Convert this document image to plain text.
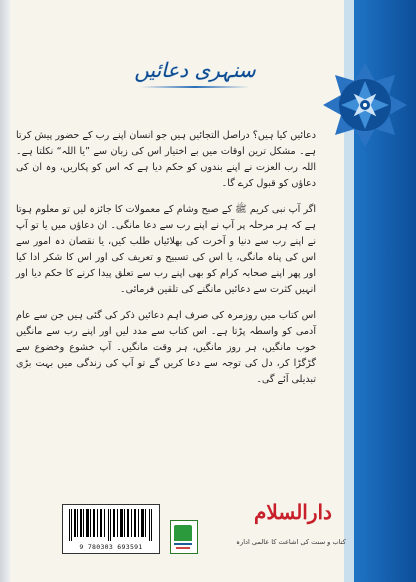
سنہری دعائیں

دعائیں کیا ہیں؟ دراصل التجائیں ہیں جو انسان اپنے رب کے حضور پیش کرتا ہے۔ مشکل ترین اوقات میں بے اختیار اس کی زبان سے ”یا اللہ“ نکلتا ہے۔ اللہ رب العزت نے اپنے بندوں کو حکم دیا ہے کہ اس کو پکاریں، وہ ان کی دعاؤں کو قبول کرے گا۔

اگر آپ نبی کریم ﷺ کے صبح وشام کے معمولات کا جائزہ لیں تو معلوم ہوتا ہے کہ ہر مرحلہ پر آپ نے اپنے رب سے دعا مانگی۔ ان دعاؤں میں یا تو آپ نے اپنے رب سے دنیا و آخرت کی بھلائیاں طلب کیں، یا نقصان دہ امور سے اس کی پناہ مانگی، یا اس کی تسبیح و تعریف کی اور اس کا شکر ادا کیا اور پھر اپنے صحابہ کرام کو بھی اپنے رب سے تعلق پیدا کرنے کا حکم دیا اور انہیں کثرت سے دعائیں مانگنے کی تلقین فرمائی۔

اس کتاب میں روزمرہ کی صرف اہم دعائیں ذکر کی گئی ہیں جن سے عام آدمی کو واسطہ پڑتا ہے۔ اس کتاب سے مدد لیں اور اپنے رب سے مانگیں خوب مانگیں، ہر روز مانگیں، ہر وقت مانگیں۔ آپ خشوع وخضوع سے گڑگڑا کر، دل کی توجہ سے دعا کریں گے تو آپ کی زندگی میں بہت بڑی تبدیلی آئے گی۔

9 780303 693591
دارالسلام
کتاب و سنت کی اشاعت کا عالمی ادارہ
